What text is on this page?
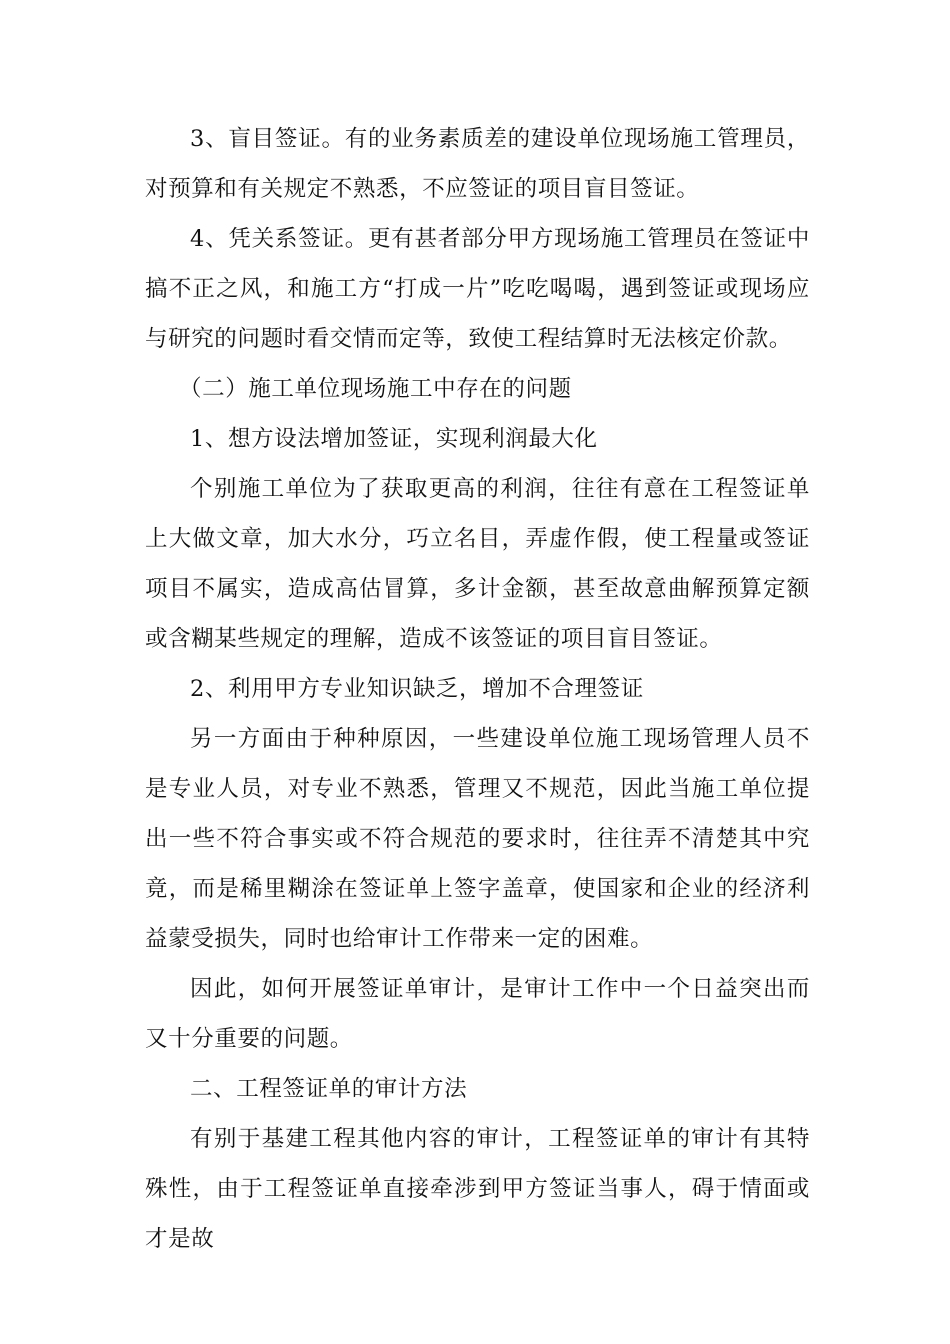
3、盲目签证。有的业务素质差的建设单位现场施工管理员，对预算和有关规定不熟悉，不应签证的项目盲目签证。

4、凭关系签证。更有甚者部分甲方现场施工管理员在签证中搞不正之风，和施工方“打成一片”吃吃喝喝，遇到签证或现场应与研究的问题时看交情而定等，致使工程结算时无法核定价款。

（二）施工单位现场施工中存在的问题

1、想方设法增加签证，实现利润最大化

个别施工单位为了获取更高的利润，往往有意在工程签证单上大做文章，加大水分，巧立名目，弄虚作假，使工程量或签证项目不属实，造成高估冒算，多计金额，甚至故意曲解预算定额或含糊某些规定的理解，造成不该签证的项目盲目签证。

2、利用甲方专业知识缺乏，增加不合理签证

另一方面由于种种原因，一些建设单位施工现场管理人员不是专业人员，对专业不熟悉，管理又不规范，因此当施工单位提出一些不符合事实或不符合规范的要求时，往往弄不清楚其中究竟，而是稀里糊涂在签证单上签字盖章，使国家和企业的经济利益蒙受损失，同时也给审计工作带来一定的困难。

因此，如何开展签证单审计，是审计工作中一个日益突出而又十分重要的问题。

二、工程签证单的审计方法

有别于基建工程其他内容的审计，工程签证单的审计有其特殊性，由于工程签证单直接牵涉到甲方签证当事人，碍于情面或才是故
